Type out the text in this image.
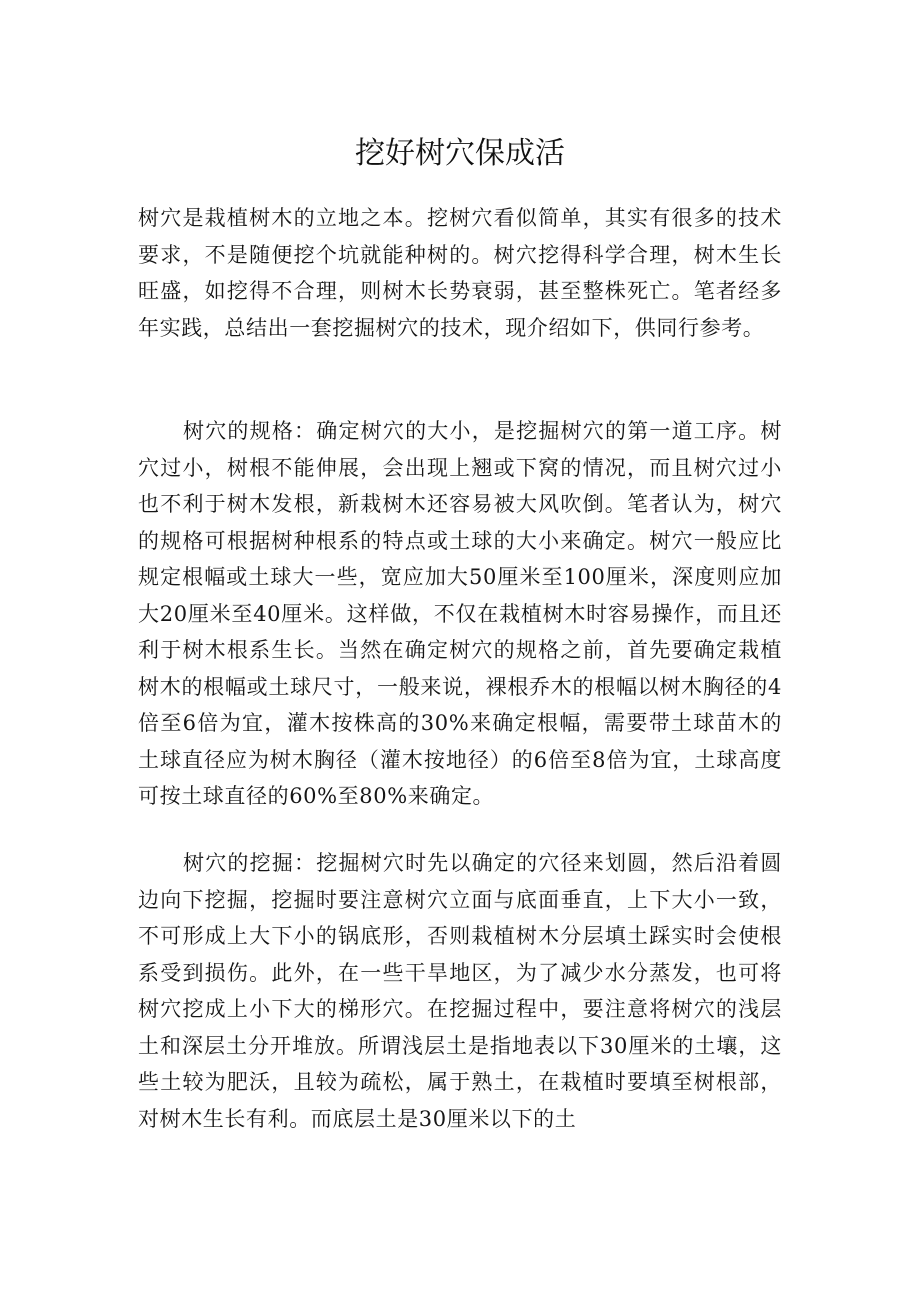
挖好树穴保成活

树穴是栽植树木的立地之本。挖树穴看似简单，其实有很多的技术要求，不是随便挖个坑就能种树的。树穴挖得科学合理，树木生长旺盛，如挖得不合理，则树木长势衰弱，甚至整株死亡。笔者经多年实践，总结出一套挖掘树穴的技术，现介绍如下，供同行参考。

树穴的规格：确定树穴的大小，是挖掘树穴的第一道工序。树穴过小，树根不能伸展，会出现上翘或下窝的情况，而且树穴过小也不利于树木发根，新栽树木还容易被大风吹倒。笔者认为，树穴的规格可根据树种根系的特点或土球的大小来确定。树穴一般应比规定根幅或土球大一些，宽应加大50厘米至100厘米，深度则应加大20厘米至40厘米。这样做，不仅在栽植树木时容易操作，而且还利于树木根系生长。当然在确定树穴的规格之前，首先要确定栽植树木的根幅或土球尺寸，一般来说，裸根乔木的根幅以树木胸径的4倍至6倍为宜，灌木按株高的30%来确定根幅，需要带土球苗木的土球直径应为树木胸径（灌木按地径）的6倍至8倍为宜，土球高度可按土球直径的60%至80%来确定。

树穴的挖掘：挖掘树穴时先以确定的穴径来划圆，然后沿着圆边向下挖掘，挖掘时要注意树穴立面与底面垂直，上下大小一致，不可形成上大下小的锅底形，否则栽植树木分层填土踩实时会使根系受到损伤。此外，在一些干旱地区，为了减少水分蒸发，也可将树穴挖成上小下大的梯形穴。在挖掘过程中，要注意将树穴的浅层土和深层土分开堆放。所谓浅层土是指地表以下30厘米的土壤，这些土较为肥沃，且较为疏松，属于熟土，在栽植时要填至树根部，对树木生长有利。而底层土是30厘米以下的土
